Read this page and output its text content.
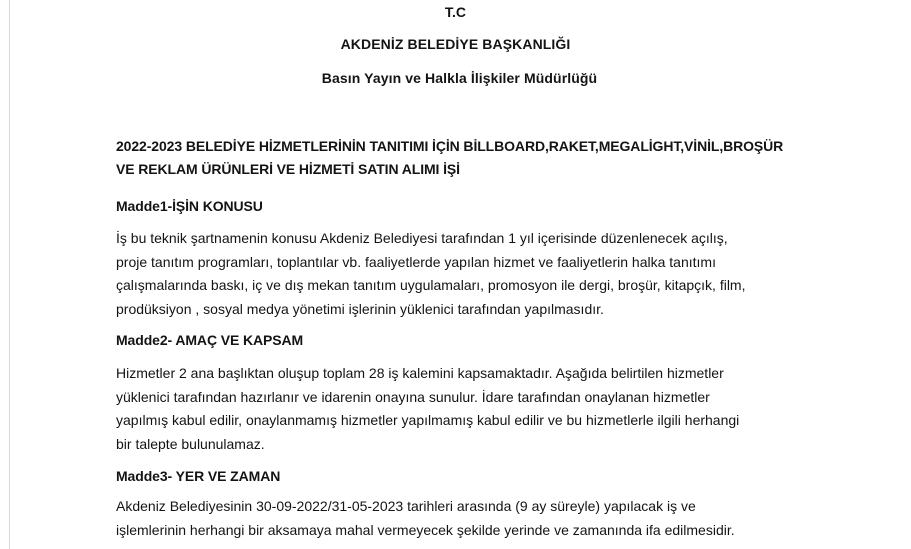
T.C
AKDENİZ BELEDİYE BAŞKANLIĞI
Basın Yayın ve Halkla İlişkiler Müdürlüğü
2022-2023 BELEDİYE HİZMETLERİNİN TANITIMI İÇİN BİLLBOARD,RAKET,MEGALİGHT,VİNİL,BROŞÜR
VE REKLAM ÜRÜNLERİ VE HİZMETİ SATIN ALIMI İŞİ
Madde1-İŞİN KONUSU
İş bu teknik şartnamenin konusu Akdeniz Belediyesi tarafından 1 yıl içerisinde düzenlenecek açılış,
proje tanıtım programları, toplantılar vb. faaliyetlerde yapılan hizmet ve faaliyetlerin halka tanıtımı
çalışmalarında baskı, iç ve dış mekan tanıtım uygulamaları, promosyon ile dergi, broşür, kitapçık, film,
prodüksiyon , sosyal medya yönetimi işlerinin yüklenici tarafından yapılmasıdır.
Madde2- AMAÇ VE KAPSAM
Hizmetler 2 ana başlıktan oluşup toplam 28 iş kalemini kapsamaktadır. Aşağıda belirtilen hizmetler
yüklenici tarafından hazırlanır ve idarenin onayına sunulur. İdare tarafından onaylanan hizmetler
yapılmış kabul edilir, onaylanmamış hizmetler yapılmamış kabul edilir ve bu hizmetlerle ilgili herhangi
bir talepte bulunulamaz.
Madde3- YER VE ZAMAN
Akdeniz Belediyesinin 30-09-2022/31-05-2023 tarihleri arasında (9 ay süreyle) yapılacak iş ve
işlemlerinin herhangi bir aksamaya mahal vermeyecek şekilde yerinde ve zamanında ifa edilmesidir.
